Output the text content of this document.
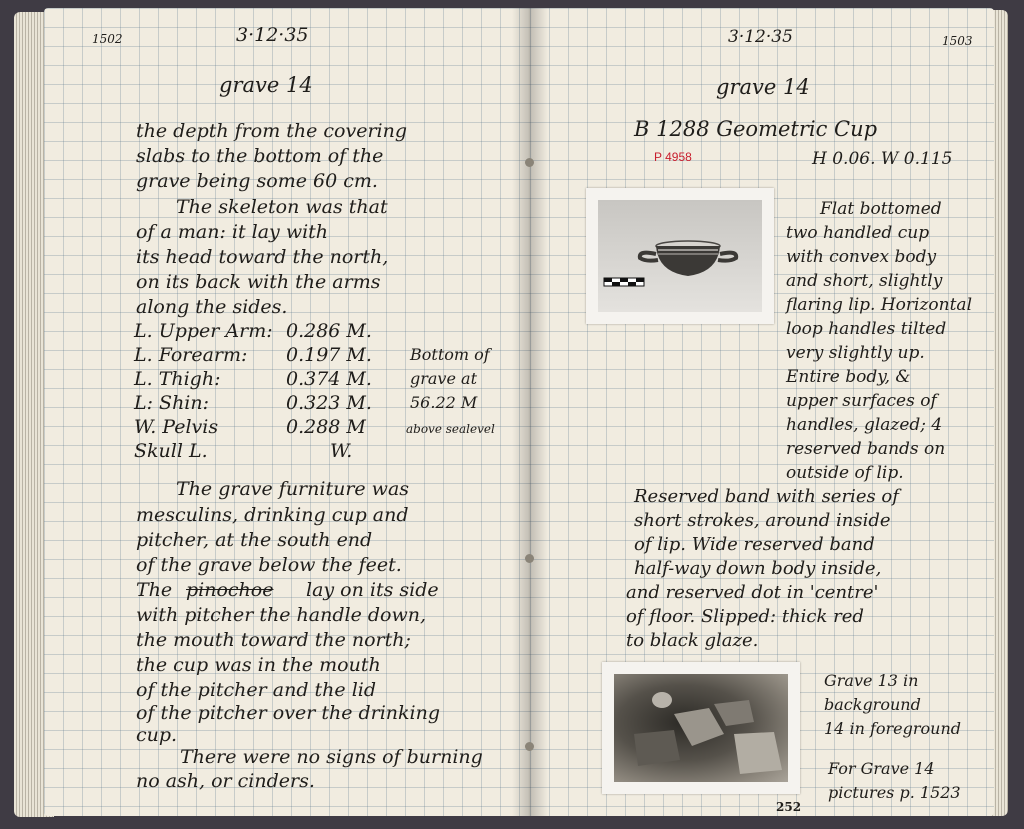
1502	3·12·35
grave 14
the depth from the covering
slabs to the bottom of the
grave being some 60 cm.
The skeleton was that
of a man: it lay with
its head toward the north,
on its back with the arms
along the sides.
L. Upper Arm: 0.286 M.
L. Forearm: 0.197 M.
L. Thigh:	0.374 M.
L: Shin:	0.323 M.
W. Pelvis	0.288 M
Skull L.	W.
Bottom of
grave at
56.22 M
above sealevel
The grave furniture was
mesculins, drinking cup and
pitcher, at the south end
of the grave below the feet.
The pinochoe lay on its side
with pitcher the handle down,
the mouth toward the north;
the cup was in the mouth
of the pitcher and the lid
of the pitcher over the drinking
cup.
There were no signs of burning
no ash, or cinders.
3·12·35	1503
grave 14
B 1288 Geometric Cup
P 4958	H 0.06. W 0.115
Flat bottomed
two handled cup
with convex body
and short, slightly
flaring lip. Horizontal
loop handles tilted
very slightly up.
Entire body, &
upper surfaces of
handles, glazed; 4
reserved bands on
outside of lip.
Reserved band with series of
short strokes, around inside
of lip. Wide reserved band
half-way down body inside,
and reserved dot in 'centre'
of floor. Slipped: thick red
to black glaze.
Grave 13 in
background
14 in foreground
For Grave 14
pictures p. 1523
252
